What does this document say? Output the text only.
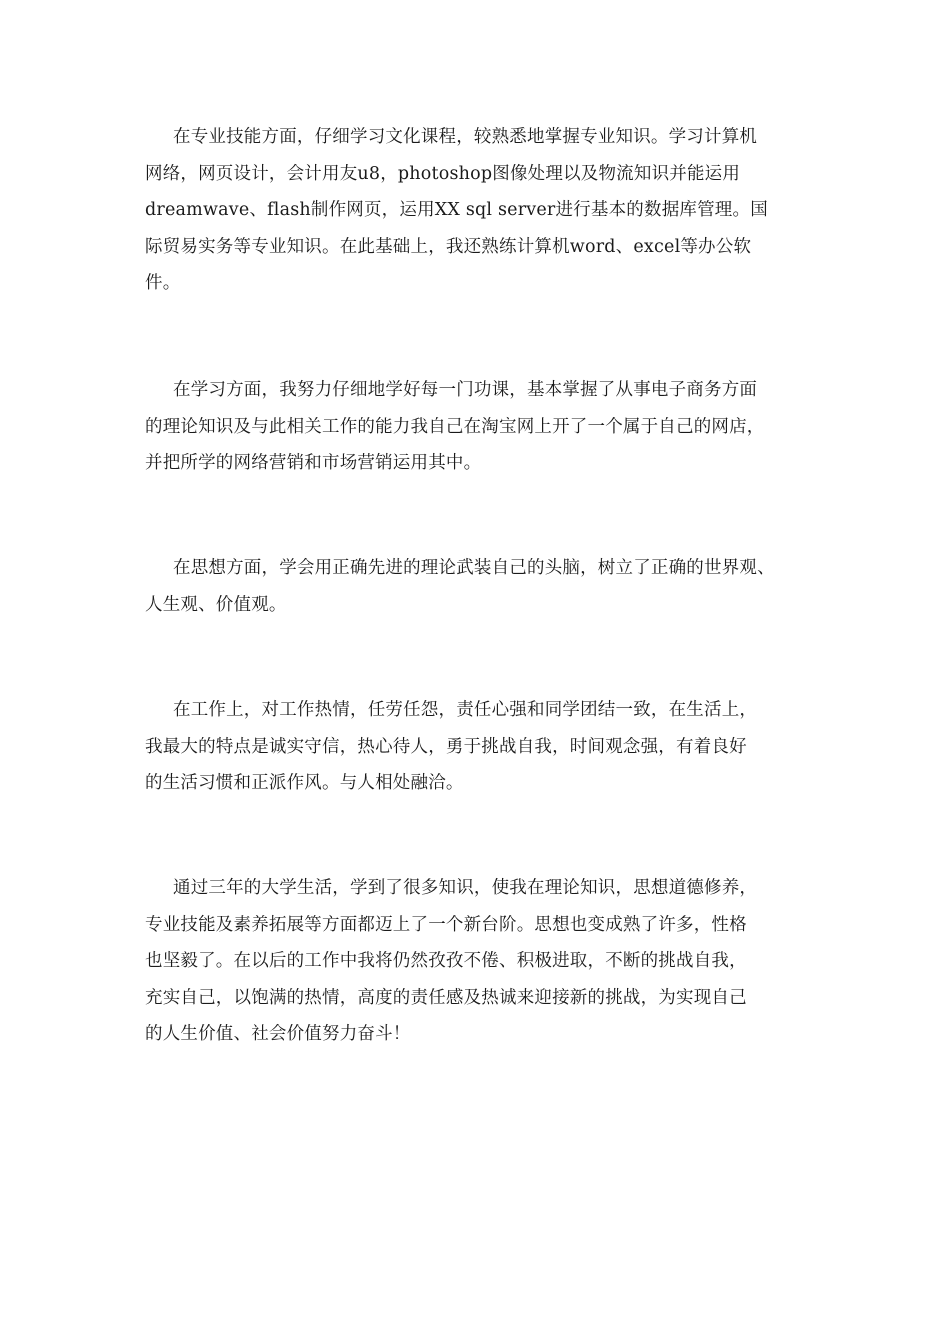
在专业技能方面，仔细学习文化课程，较熟悉地掌握专业知识。学习计算机
网络，网页设计，会计用友u8，photoshop图像处理以及物流知识并能运用
dreamwave、flash制作网页，运用XX sql server进行基本的数据库管理。国
际贸易实务等专业知识。在此基础上，我还熟练计算机word、excel等办公软
件。

在学习方面，我努力仔细地学好每一门功课，基本掌握了从事电子商务方面
的理论知识及与此相关工作的能力我自己在淘宝网上开了一个属于自己的网店，
并把所学的网络营销和市场营销运用其中。

在思想方面，学会用正确先进的理论武装自己的头脑，树立了正确的世界观、
人生观、价值观。

在工作上，对工作热情，任劳任怨，责任心强和同学团结一致，在生活上，
我最大的特点是诚实守信，热心待人，勇于挑战自我，时间观念强，有着良好
的生活习惯和正派作风。与人相处融洽。

通过三年的大学生活，学到了很多知识，使我在理论知识，思想道德修养，
专业技能及素养拓展等方面都迈上了一个新台阶。思想也变成熟了许多，性格
也坚毅了。在以后的工作中我将仍然孜孜不倦、积极进取，不断的挑战自我，
充实自己，以饱满的热情，高度的责任感及热诚来迎接新的挑战，为实现自己
的人生价值、社会价值努力奋斗！
